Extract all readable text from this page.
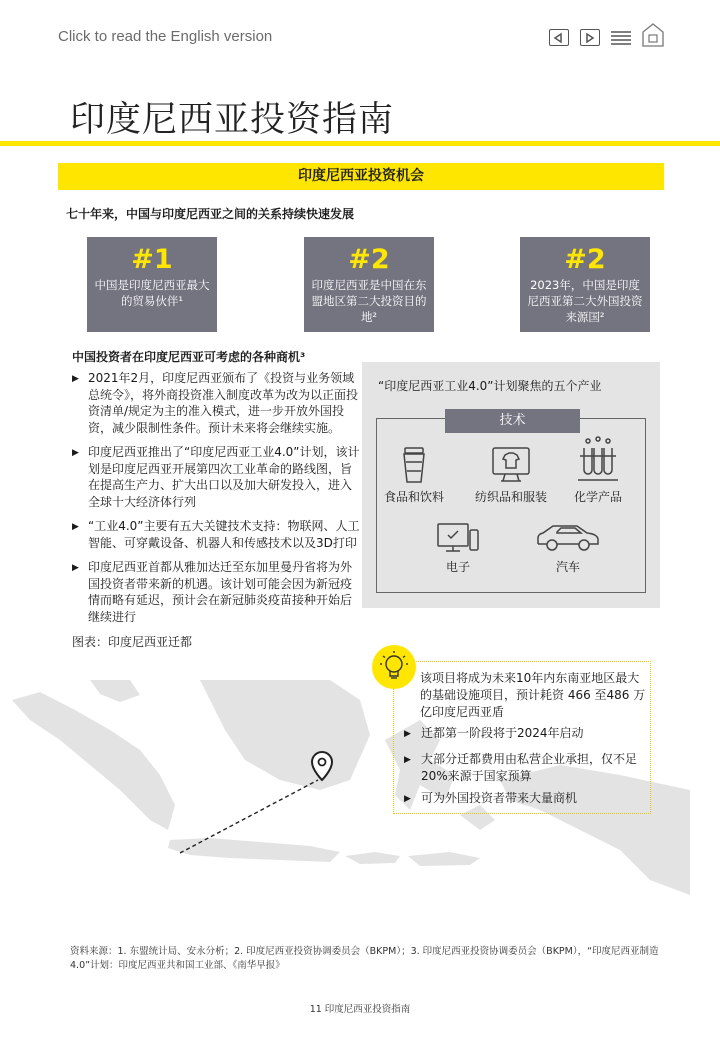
Click to read the English version
印度尼西亚投资指南
印度尼西亚投资机会
七十年来，中国与印度尼西亚之间的关系持续快速发展
#1
中国是印度尼西亚最大的贸易伙伴¹
#2
印度尼西亚是中国在东盟地区第二大投资目的地²
#2
2023年，中国是印度尼西亚第二大外国投资来源国²
中国投资者在印度尼西亚可考虑的各种商机³
▶ 2021年2月，印度尼西亚颁布了《投资与业务领域总统令》，将外商投资准入制度改革为改为以正面投资清单/规定为主的准入模式，进一步开放外国投资，减少限制性条件。预计未来将会继续实施。
▶ 印度尼西亚推出了“印度尼西亚工业4.0”计划，该计划是印度尼西亚开展第四次工业革命的路线图，旨在提高生产力、扩大出口以及加大研发投入，进入全球十大经济体行列
▶ “工业4.0”主要有五大关键技术支持：物联网、人工智能、可穿戴设备、机器人和传感技术以及3D打印
▶ 印度尼西亚首都从雅加达迁至东加里曼丹省将为外国投资者带来新的机遇。该计划可能会因为新冠疫情而略有延迟，预计会在新冠肺炎疫苗接种开始后继续进行
图表：印度尼西亚迁都
“印度尼西亚工业4.0”计划聚焦的五个产业
技术
食品和饮料	纺织品和服装	化学产品
电子	汽车
该项目将成为未来10年内东南亚地区最大的基础设施项目，预计耗资 466 至486 万亿印度尼西亚盾
▶ 迁都第一阶段将于2024年启动
▶ 大部分迁都费用由私营企业承担，仅不足20%来源于国家预算
▶ 可为外国投资者带来大量商机
资料来源：1. 东盟统计局、安永分析；2. 印度尼西亚投资协调委员会（BKPM）；3. 印度尼西亚投资协调委员会（BKPM），“印度尼西亚制造4.0”计划：印度尼西亚共和国工业部、《南华早报》
11 印度尼西亚投资指南
